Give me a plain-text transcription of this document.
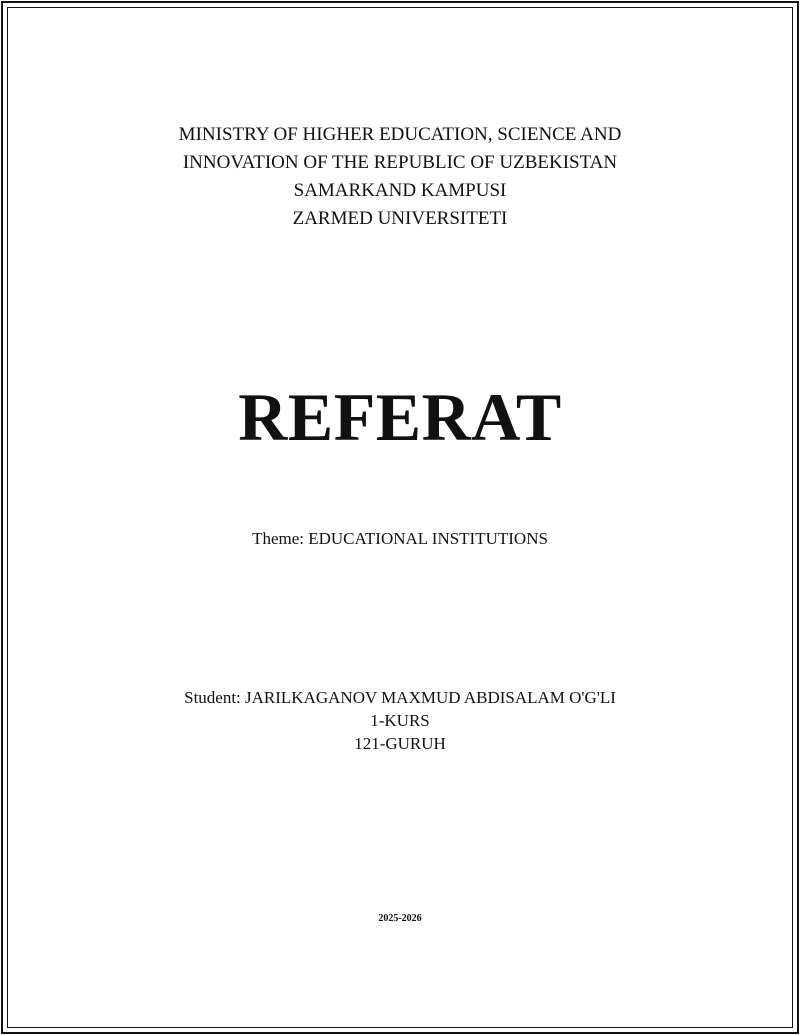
MINISTRY OF HIGHER EDUCATION, SCIENCE AND
INNOVATION OF THE REPUBLIC OF UZBEKISTAN
SAMARKAND KAMPUSI
ZARMED UNIVERSITETI
REFERAT
Theme: EDUCATIONAL INSTITUTIONS
Student: JARILKAGANOV MAXMUD ABDISALAM O'G'LI
1-KURS
121-GURUH
2025-2026
